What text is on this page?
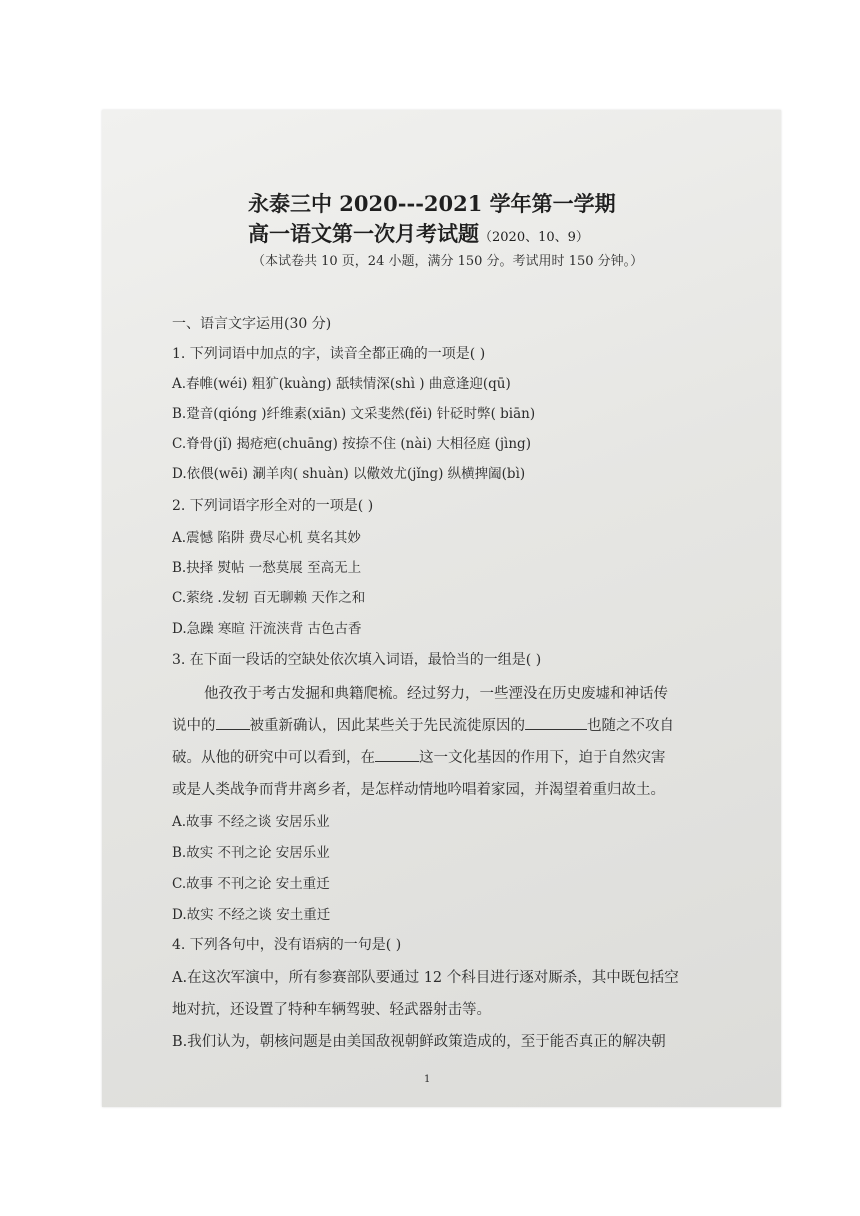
永泰三中 2020---2021 学年第一学期
高一语文第一次月考试题（2020、10、9）
（本试卷共 10 页，24 小题，满分 150 分。考试用时 150 分钟。）
一、语言文字运用(30 分)
1. 下列词语中加点的字，读音全都正确的一项是( )
A.春帷(wéi) 粗犷(kuàng) 舐犊情深(shì ) 曲意逢迎(qū)
B.跫音(qióng )纤维素(xiān) 文采斐然(fěi) 针砭时弊( biān)
C.脊骨(jǐ) 揭疮疤(chuāng) 按捺不住 (nài) 大相径庭 (jìng)
D.依偎(wēi) 涮羊肉( shuàn) 以儆效尤(jǐng) 纵横捭阖(bì)
2. 下列词语字形全对的一项是( )
A.震憾 陷阱 费尽心机 莫名其妙
B.抉择 熨帖 一愁莫展 至高无上
C.萦绕 .发轫 百无聊赖 天作之和
D.急躁 寒暄 汗流浃背 古色古香
3. 在下面一段话的空缺处依次填入词语，最恰当的一组是( )
他孜孜于考古发掘和典籍爬梳。经过努力，一些湮没在历史废墟和神话传
说中的 被重新确认，因此某些关于先民流徙原因的	也随之不攻自
破。从他的研究中可以看到，在	这一文化基因的作用下，迫于自然灾害
或是人类战争而背井离乡者，是怎样动情地吟唱着家园，并渴望着重归故土。
A.故事 不经之谈 安居乐业
B.故实 不刊之论 安居乐业
C.故事 不刊之论 安土重迁
D.故实 不经之谈 安土重迁
4. 下列各句中，没有语病的一句是( )
A.在这次军演中，所有参赛部队要通过 12 个科目进行逐对厮杀，其中既包括空
地对抗，还设置了特种车辆驾驶、轻武器射击等。
B.我们认为，朝核问题是由美国敌视朝鲜政策造成的，至于能否真正的解决朝
1
